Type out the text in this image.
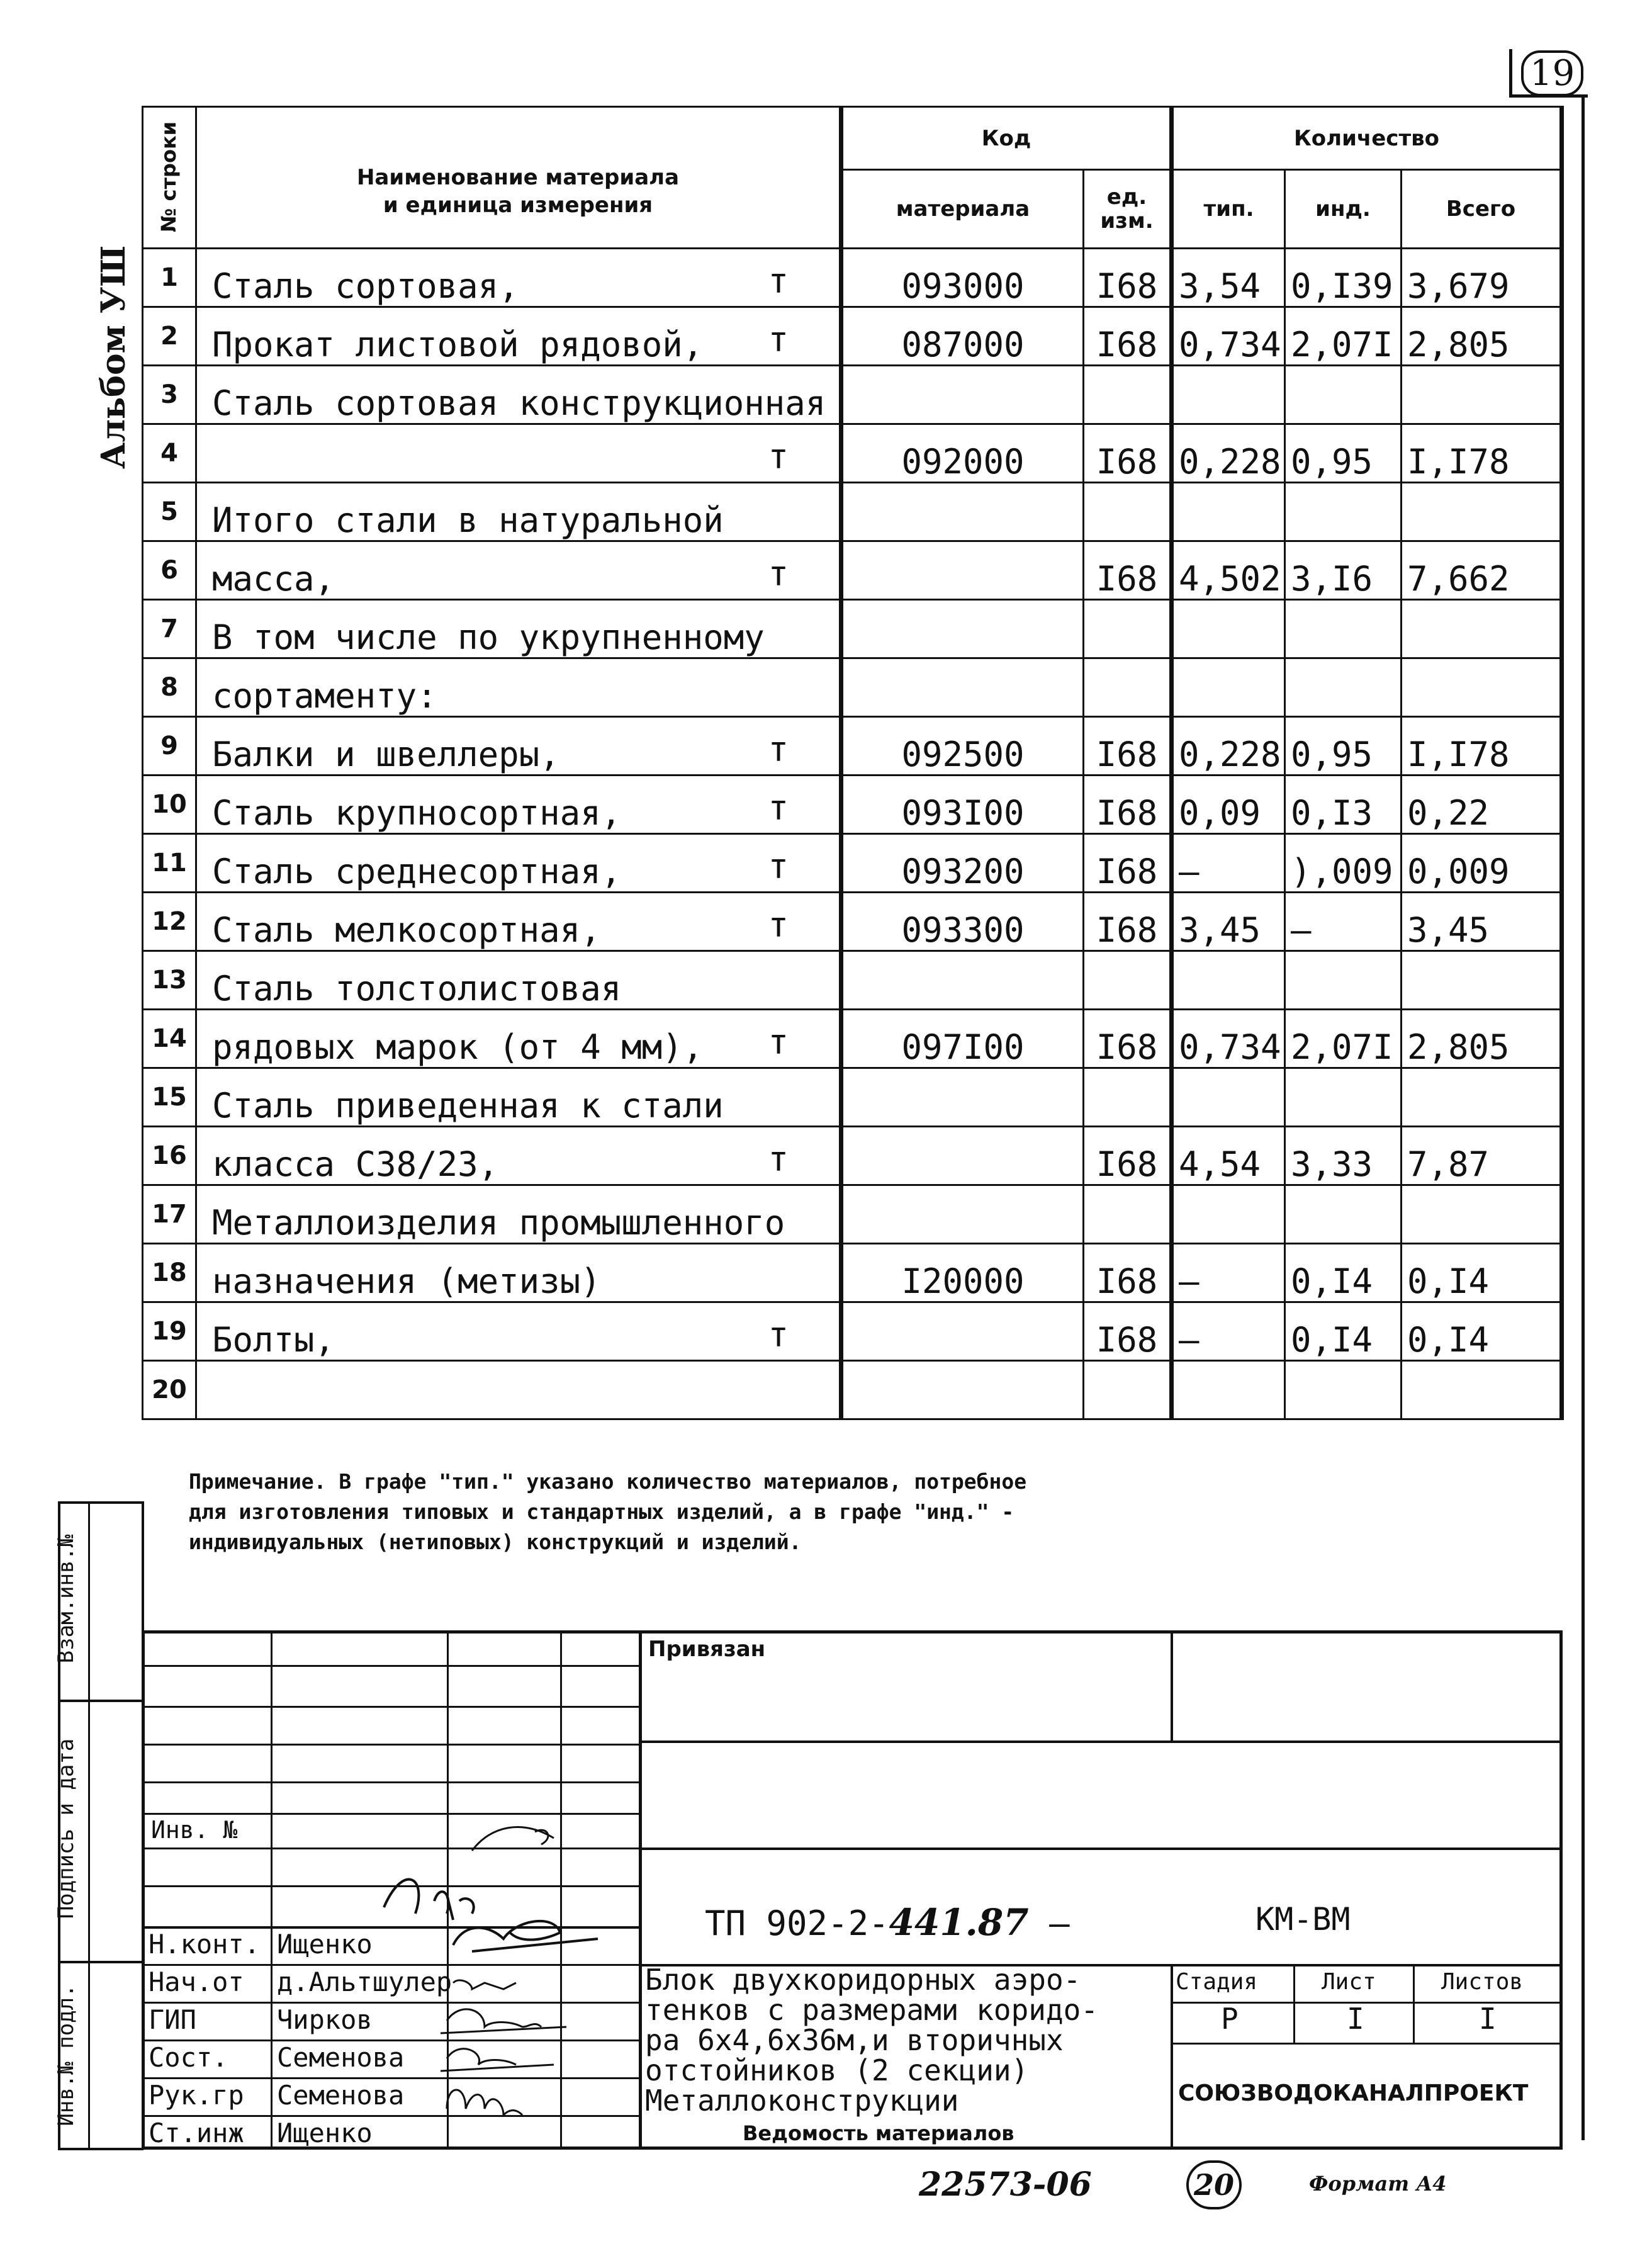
19
Альбом УШ
№ строки	Наименование материала
и единица измерения	Код		Количество		
		материала	ед. изм.	тип.	инд.	Всего
1	Сталь сортовая, т	093000	I68	3,54	0,I39	3,679
2	Прокат листовой рядовой, т	087000	I68	0,734	2,07I	2,805
3	Сталь сортовая конструкционная

4	т	092000	I68	0,228	0,95	I,I78
5	Итого стали в натуральной

6	масса, т		I68	4,502	3,I6	7,662
7	В том числе по укрупненному

8	сортаменту:

9	Балки и швеллеры, т	092500	I68	0,228	0,95	I,I78
10	Сталь крупносортная, т	093I00	I68	0,09	0,I3	0,22
11	Сталь среднесортная, т	093200	I68	–	),009	0,009
12	Сталь мелкосортная, т	093300	I68	3,45	–	3,45
13	Сталь толстолистовая

14	рядовых марок (от 4 мм), т	097I00	I68	0,734	2,07I	2,805
15	Сталь приведенная к стали

16	класса С38/23, т		I68	4,54	3,33	7,87
17	Металлоизделия промышленного

18	назначения (метизы)	I20000	I68	–	0,I4	0,I4
19	Болты, т		I68	–	0,I4	0,I4
20	

Примечание. В графе "тип." указано количество материалов, потребное для изготовления типовых и стандартных изделий, а в графе "инд." - индивидуальных (нетиповых) конструкций и изделий.
Взам.инв.№
Подпись и дата
Инв.№ подл.
Привязан
Инв. №
ТП 902-2-441.87 –	КМ-ВМ
Н.конт. Ищенко
Нач.от д.Альтшулер
ГИП	Чирков
Сост. Семенова
Рук.гр Семенова
Ст.инж Ищенко
Блок двухкоридорных аэро-
тенков с размерами коридо-
ра 6х4,6х36м,и вторичных
отстойников (2 секции)
Металлоконструкции
Ведомость материалов
Стадия	Лист	Листов
Р	I	I
СОЮЗВОДОКАНАЛПРОЕКТ
22573-06	20	Формат А4
